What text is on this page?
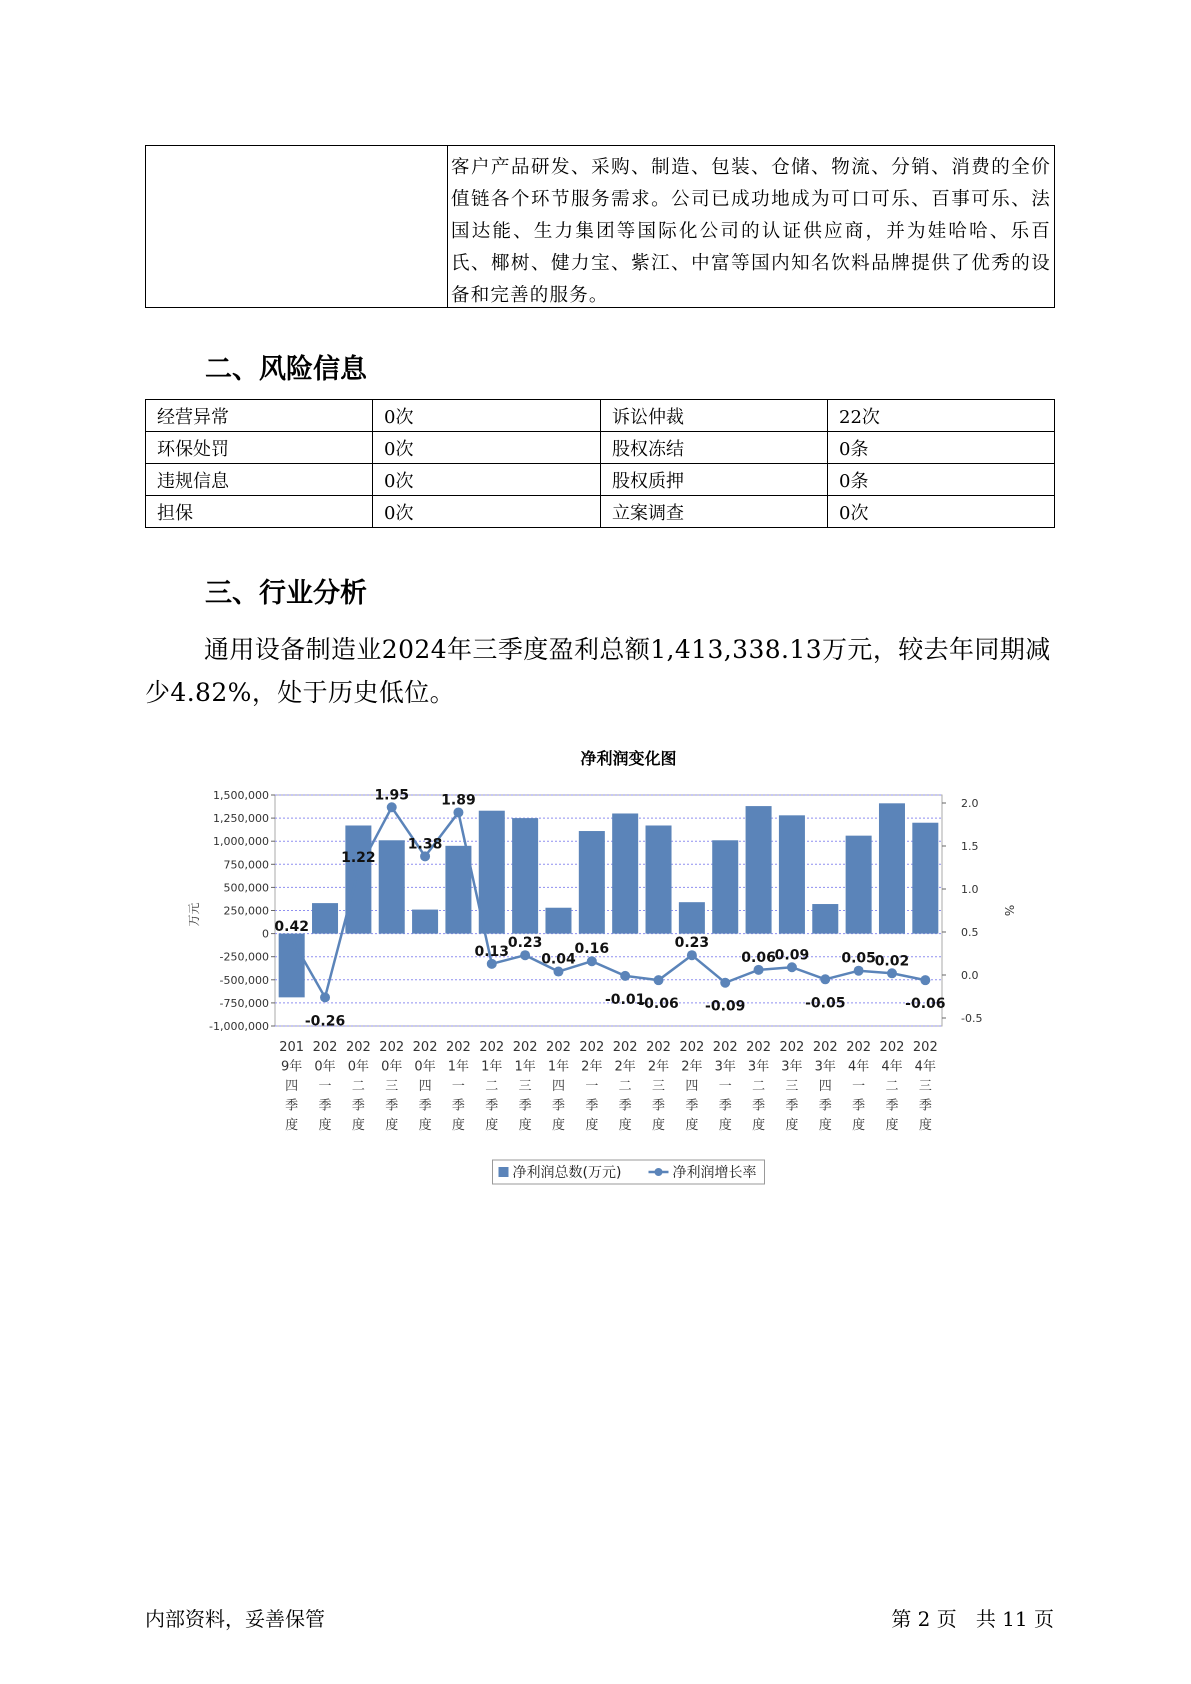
客户产品研发、采购、制造、包装、仓储、物流、分销、消费的全价值链各个环节服务需求。公司已成功地成为可口可乐、百事可乐、法国达能、生力集团等国际化公司的认证供应商，并为娃哈哈、乐百氏、椰树、健力宝、紫江、中富等国内知名饮料品牌提供了优秀的设备和完善的服务。
二、风险信息
经营异常	0次	诉讼仲裁	22次
环保处罚	0次	股权冻结	0条
违规信息	0次	股权质押	0条
担保	0次	立案调查	0次
三、行业分析
通用设备制造业2024年三季度盈利总额1,413,338.13万元，较去年同期减少4.82%，处于历史低位。
净利润变化图
1,500,000
1,250,000
1,000,000
750,000
500,000
250,000
0
-250,000
-500,000
-750,000
-1,000,000
万元
2.0
1.5
1.0
0.5
0.0
-0.5
%
0.42
-0.26
1.22
1.95
1.38
1.89
0.13
0.23
0.04
0.16
-0.01
-0.06
0.23
-0.09
0.06
0.09
-0.05
0.05
0.02
-0.06
201 9年四季度
202 0年一季度
202 0年二季度
202 0年三季度
202 0年四季度
202 1年一季度
202 1年二季度
202 1年三季度
202 1年四季度
202 2年一季度
202 2年二季度
202 2年三季度
202 2年四季度
202 3年一季度
202 3年二季度
202 3年三季度
202 3年四季度
202 4年一季度
202 4年二季度
202 4年三季度
净利润总数(万元)	净利润增长率
内部资料，妥善保管	第 2 页   共 11 页
